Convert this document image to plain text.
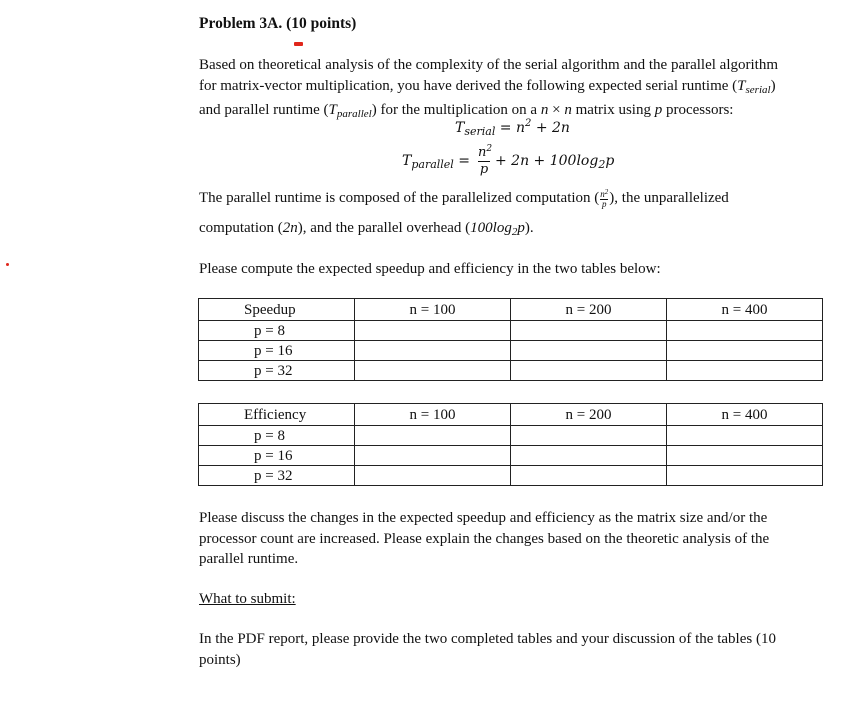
Problem 3A. (10 points)
Based on theoretical analysis of the complexity of the serial algorithm and the parallel algorithm
for matrix-vector multiplication, you have derived the following expected serial runtime $(T_{serial})$
and parallel runtime $(T_{parallel})$ for the multiplication on a n × n matrix using p processors:
$T_{serial} = n^2 + 2n$
$T_{parallel}$ =
$n^2$
p
+ $2n + 100\log_2p$
The parallel runtime is composed of the parallelized computation $(\frac{n^2}{p})$, the unparallelized
computation (2n), and the parallel overhead $(100\log_2p)$.
Please compute the expected speedup and efficiency in the two tables below:
Speedup	n = 100	n = 200	n = 400
p = 8			
p = 16			
p = 32			
Efficiency	n = 100	n = 200	n = 400
p = 8			
p = 16			
p = 32			
Please discuss the changes in the expected speedup and efficiency as the matrix size and/or the
processor count are increased. Please explain the changes based on the theoretic analysis of the
parallel runtime.
What to submit:
In the PDF report, please provide the two completed tables and your discussion of the tables (10
points)
